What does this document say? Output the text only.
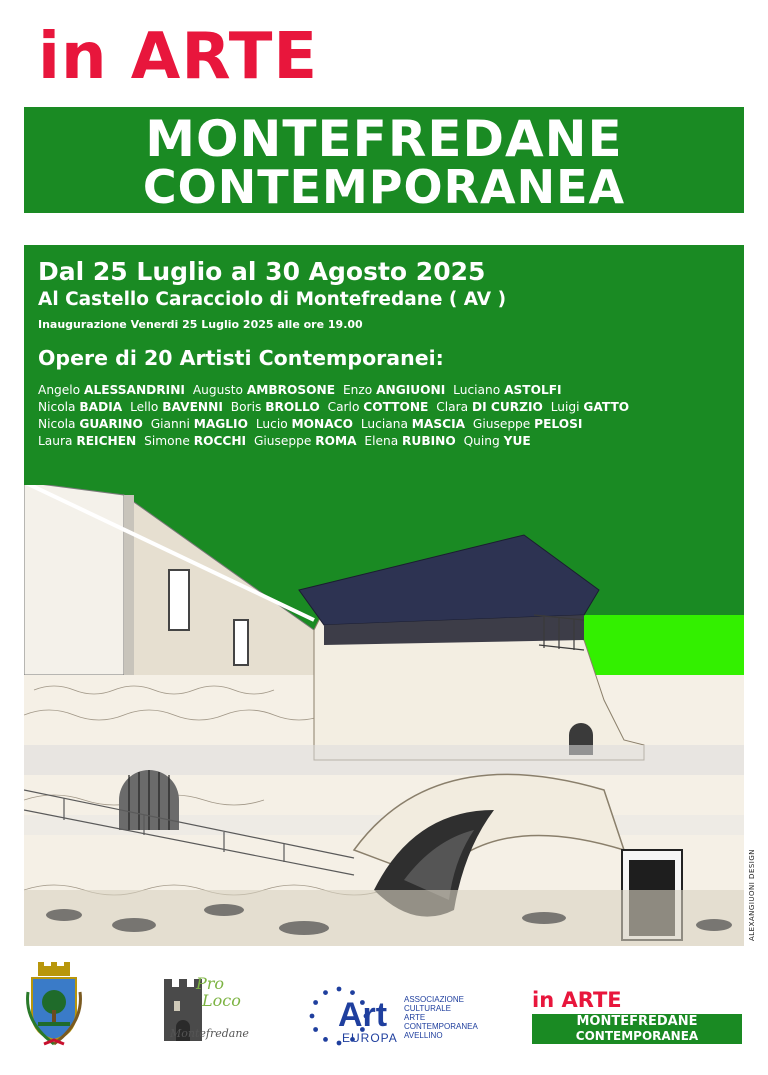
in ARTE
MONTEFREDANE
CONTEMPORANEA
Dal 25 Luglio al 30 Agosto 2025
Al Castello Caracciolo di Montefredane ( AV )
Inaugurazione Venerdi 25 Luglio 2025 alle ore 19.00
Opere di 20 Artisti Contemporanei:
Angelo ALESSANDRINI Augusto AMBROSONE Enzo ANGIUONI Luciano ASTOLFI
Nicola BADIA Lello BAVENNI Boris BROLLO Carlo COTTONE Clara DI CURZIO Luigi GATTO
Nicola GUARINO Gianni MAGLIO Lucio MONACO Luciana MASCIA Giuseppe PELOSI
Laura REICHEN Simone ROCCHI Giuseppe ROMA Elena RUBINO Quing YUE
ALEXANGIUONI DESIGN
Pro
Loco
Montefredane	Art
EUROPA
ASSOCIAZIONE
CULTURALE
ARTE
CONTEMPORANEA
AVELLINO
in ARTE
MONTEFREDANE
CONTEMPORANEA
